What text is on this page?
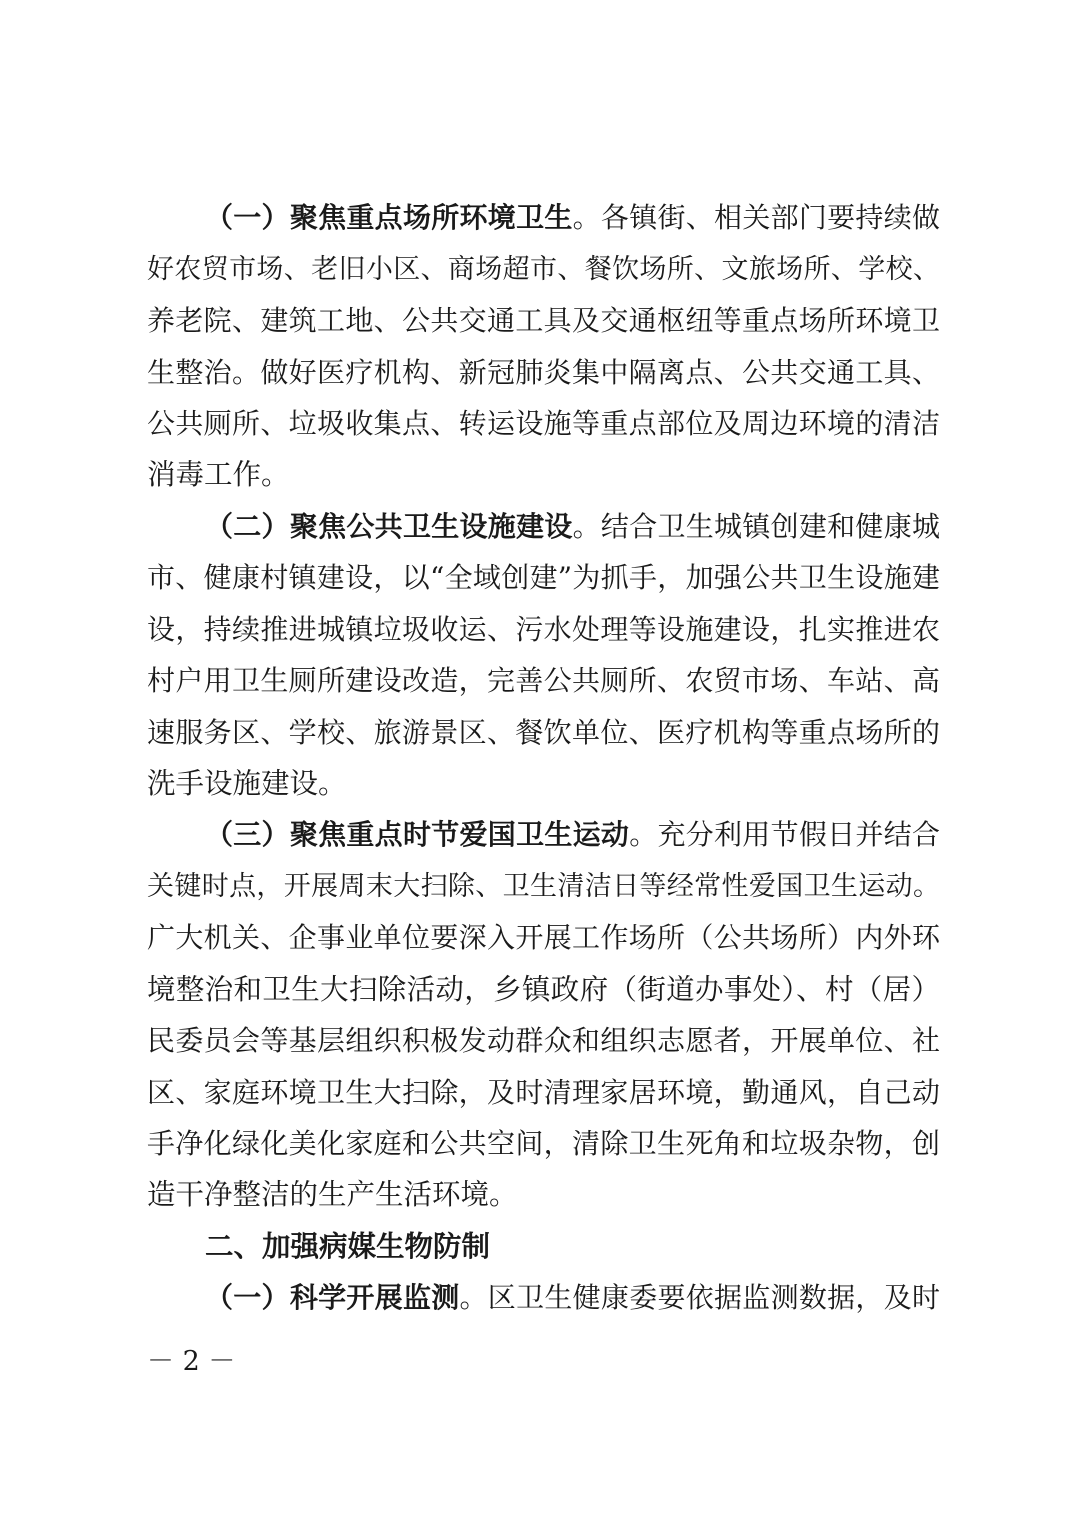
（一）聚焦重点场所环境卫生。各镇街、相关部门要持续做
好农贸市场、老旧小区、商场超市、餐饮场所、文旅场所、学校、
养老院、建筑工地、公共交通工具及交通枢纽等重点场所环境卫
生整治。做好医疗机构、新冠肺炎集中隔离点、公共交通工具、
公共厕所、垃圾收集点、转运设施等重点部位及周边环境的清洁
消毒工作。
（二）聚焦公共卫生设施建设。结合卫生城镇创建和健康城
市、健康村镇建设，以“全域创建”为抓手，加强公共卫生设施建
设，持续推进城镇垃圾收运、污水处理等设施建设，扎实推进农
村户用卫生厕所建设改造，完善公共厕所、农贸市场、车站、高
速服务区、学校、旅游景区、餐饮单位、医疗机构等重点场所的
洗手设施建设。
（三）聚焦重点时节爱国卫生运动。充分利用节假日并结合
关键时点，开展周末大扫除、卫生清洁日等经常性爱国卫生运动。
广大机关、企事业单位要深入开展工作场所（公共场所）内外环
境整治和卫生大扫除活动，乡镇政府（街道办事处）、村（居）
民委员会等基层组织积极发动群众和组织志愿者，开展单位、社
区、家庭环境卫生大扫除，及时清理家居环境，勤通风，自己动
手净化绿化美化家庭和公共空间，清除卫生死角和垃圾杂物，创
造干净整洁的生产生活环境。
二、加强病媒生物防制
（一）科学开展监测。区卫生健康委要依据监测数据，及时
－ 2 －
